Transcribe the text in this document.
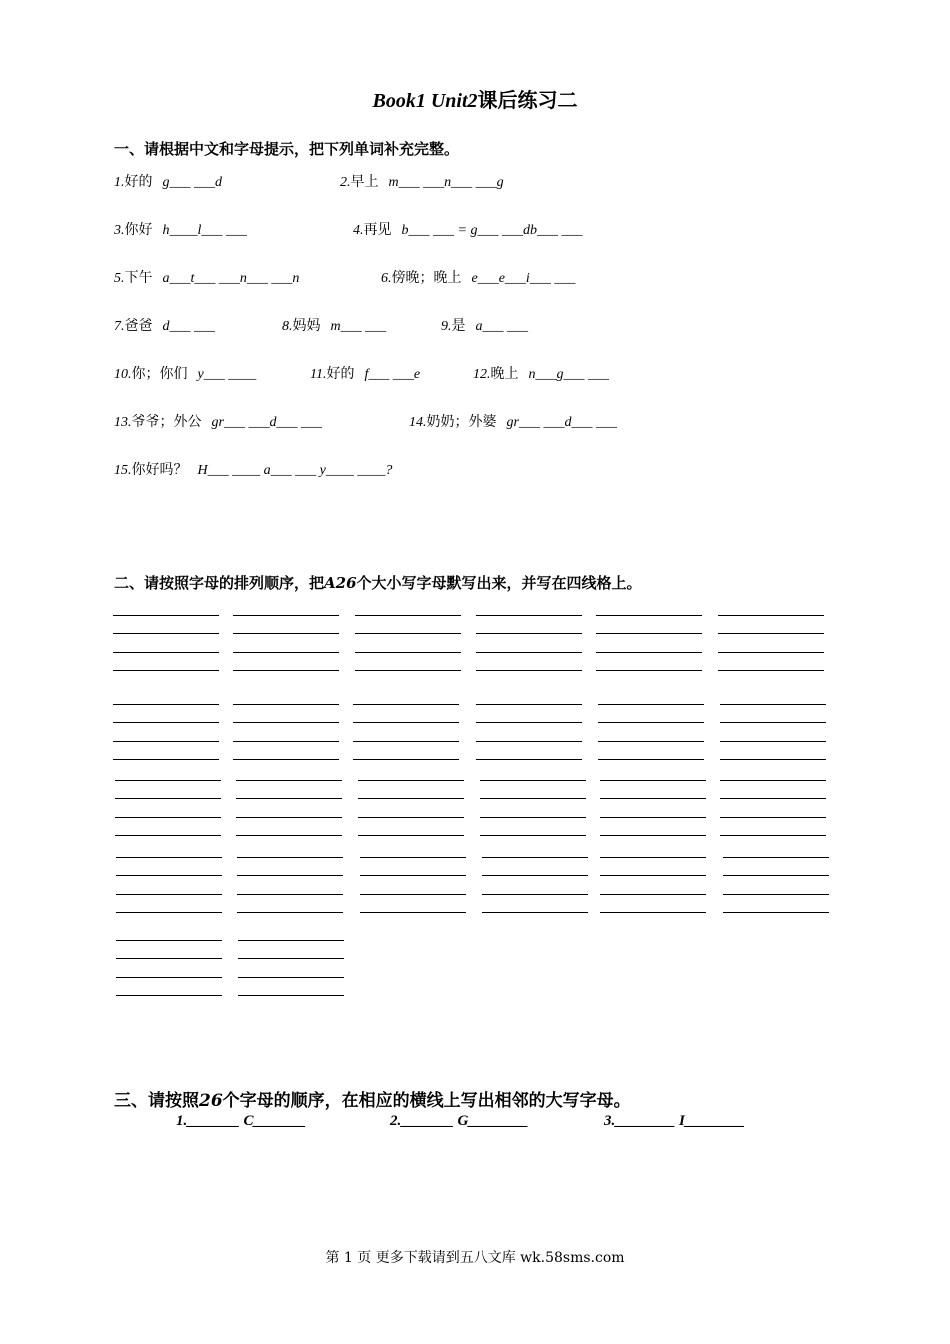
Book1 Unit2课后练习二
一、请根据中文和字母提示，把下列单词补充完整。
1.好的 g___ ___d	2.早上 m___ ___n___ ___g
3.你好 h____l___ ___	4.再见 b___ ___ = g___ ___db___ ___
5.下午 a___t___ ___n___ ___n	6.傍晚；晚上 e___e___i___ ___
7.爸爸 d___ ___	8.妈妈 m___ ___	9.是 a___ ___
10.你；你们 y___ ____	11.好的 f___ ___e	12.晚上 n___g___ ___
13.爷爷；外公 gr___ ___d___ ___	14.奶奶；外婆 gr___ ___d___ ___
15.你好吗？ H___ ____ a___ ___ y____ ____?
二、请按照字母的排列顺序，把A26个大小写字母默写出来，并写在四线格上。
三、请按照26个字母的顺序，在相应的横线上写出相邻的大写字母。
1._______ C_______	2._______ G________	3.________ I________
第 1 页 更多下载请到五八文库 wk.58sms.com
